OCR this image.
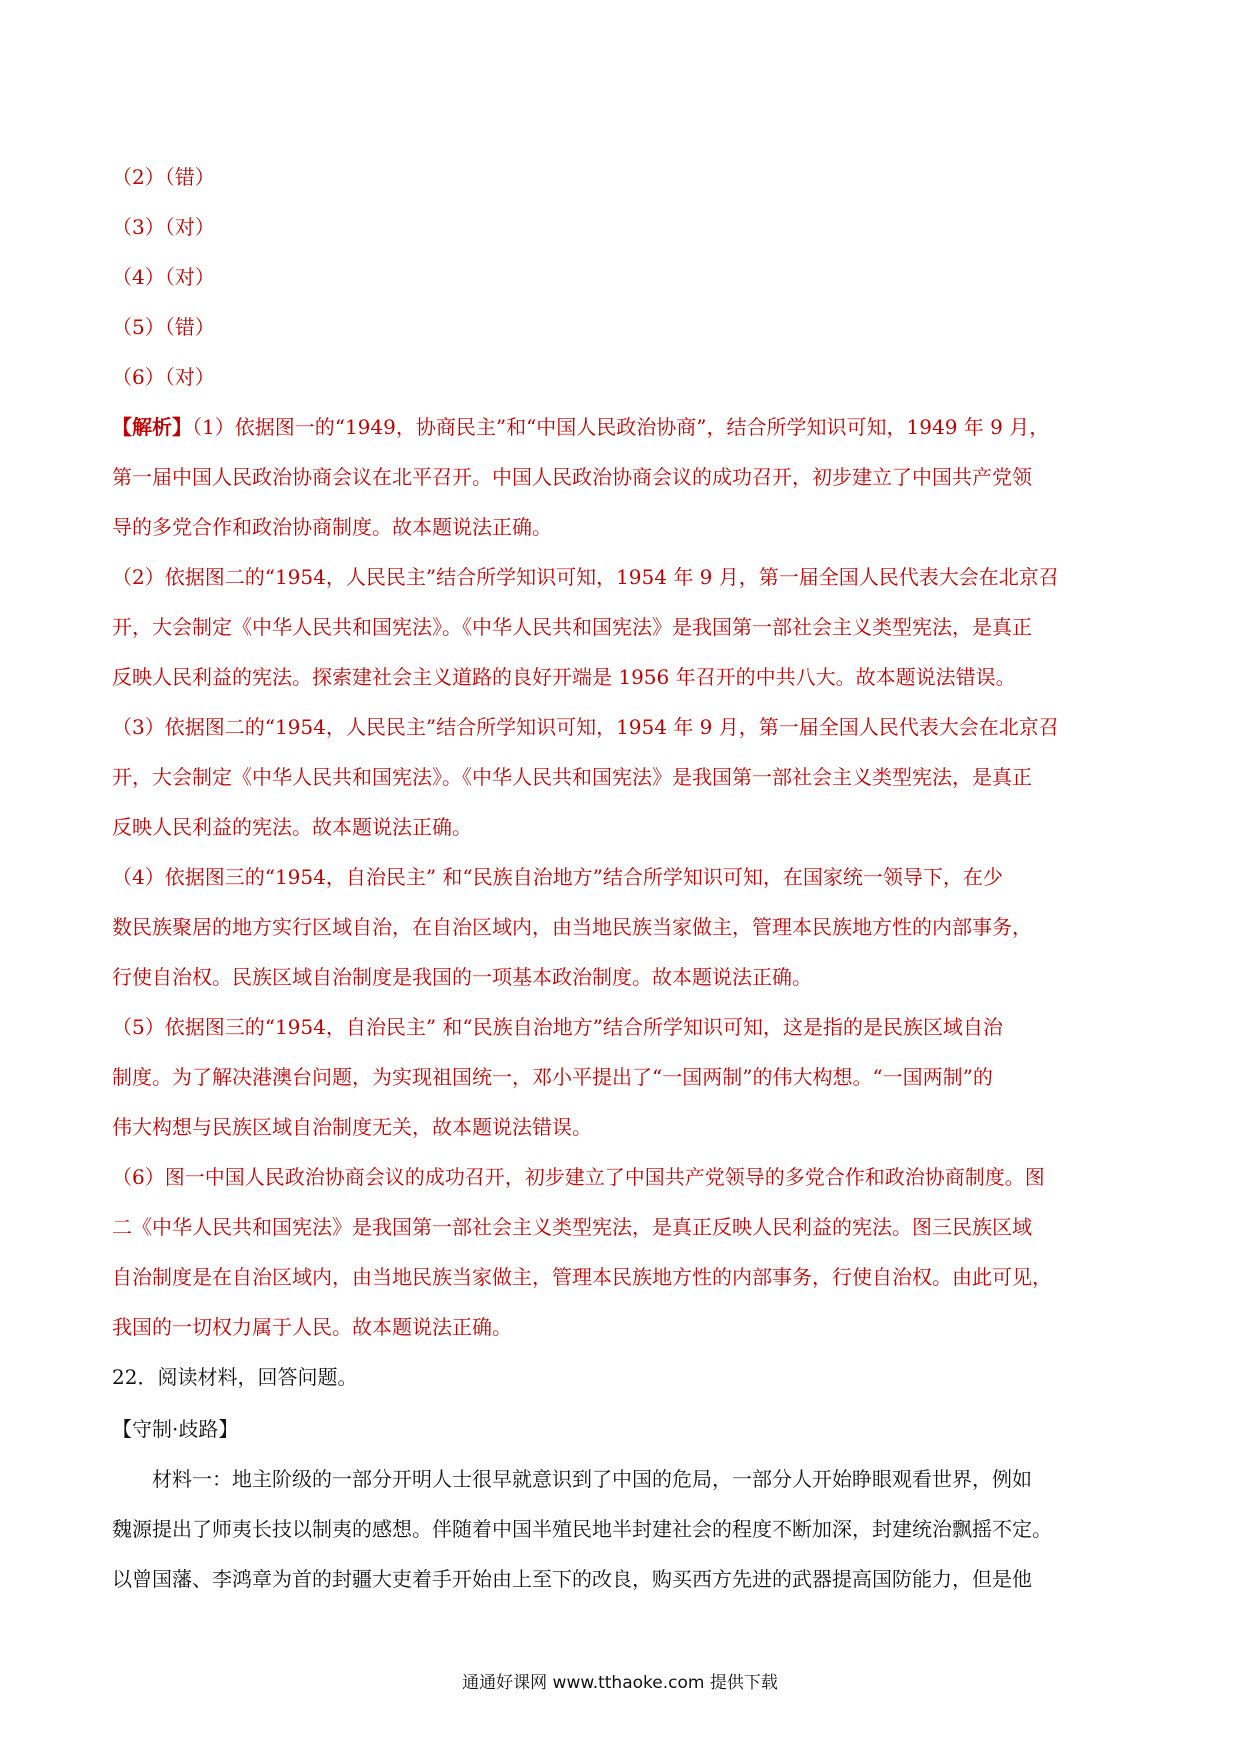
（2）（错）
（3）（对）
（4）（对）
（5）（错）
（6）（对）
【解析】（1）依据图一的“1949，协商民主”和“中国人民政治协商”，结合所学知识可知，1949 年 9 月，
第一届中国人民政治协商会议在北平召开。中国人民政治协商会议的成功召开，初步建立了中国共产党领
导的多党合作和政治协商制度。故本题说法正确。
（2）依据图二的“1954，人民民主”结合所学知识可知，1954 年 9 月，第一届全国人民代表大会在北京召
开，大会制定《中华人民共和国宪法》。《中华人民共和国宪法》是我国第一部社会主义类型宪法，是真正
反映人民利益的宪法。探索建社会主义道路的良好开端是 1956 年召开的中共八大。故本题说法错误。
（3）依据图二的“1954，人民民主”结合所学知识可知，1954 年 9 月，第一届全国人民代表大会在北京召
开，大会制定《中华人民共和国宪法》。《中华人民共和国宪法》是我国第一部社会主义类型宪法，是真正
反映人民利益的宪法。故本题说法正确。
（4）依据图三的“1954，自治民主” 和“民族自治地方”结合所学知识可知，在国家统一领导下，在少
数民族聚居的地方实行区域自治，在自治区域内，由当地民族当家做主，管理本民族地方性的内部事务，
行使自治权。民族区域自治制度是我国的一项基本政治制度。故本题说法正确。
（5）依据图三的“1954，自治民主” 和“民族自治地方”结合所学知识可知，这是指的是民族区域自治
制度。为了解决港澳台问题，为实现祖国统一，邓小平提出了“一国两制”的伟大构想。“一国两制”的
伟大构想与民族区域自治制度无关，故本题说法错误。
（6）图一中国人民政治协商会议的成功召开，初步建立了中国共产党领导的多党合作和政治协商制度。图
二《中华人民共和国宪法》是我国第一部社会主义类型宪法，是真正反映人民利益的宪法。图三民族区域
自治制度是在自治区域内，由当地民族当家做主，管理本民族地方性的内部事务，行使自治权。由此可见，
我国的一切权力属于人民。故本题说法正确。
22．阅读材料，回答问题。
【守制·歧路】
材料一：地主阶级的一部分开明人士很早就意识到了中国的危局，一部分人开始睁眼观看世界，例如
魏源提出了师夷长技以制夷的感想。伴随着中国半殖民地半封建社会的程度不断加深，封建统治飘摇不定。
以曾国藩、李鸿章为首的封疆大吏着手开始由上至下的改良，购买西方先进的武器提高国防能力，但是他
通通好课网 www.tthaoke.com 提供下载
